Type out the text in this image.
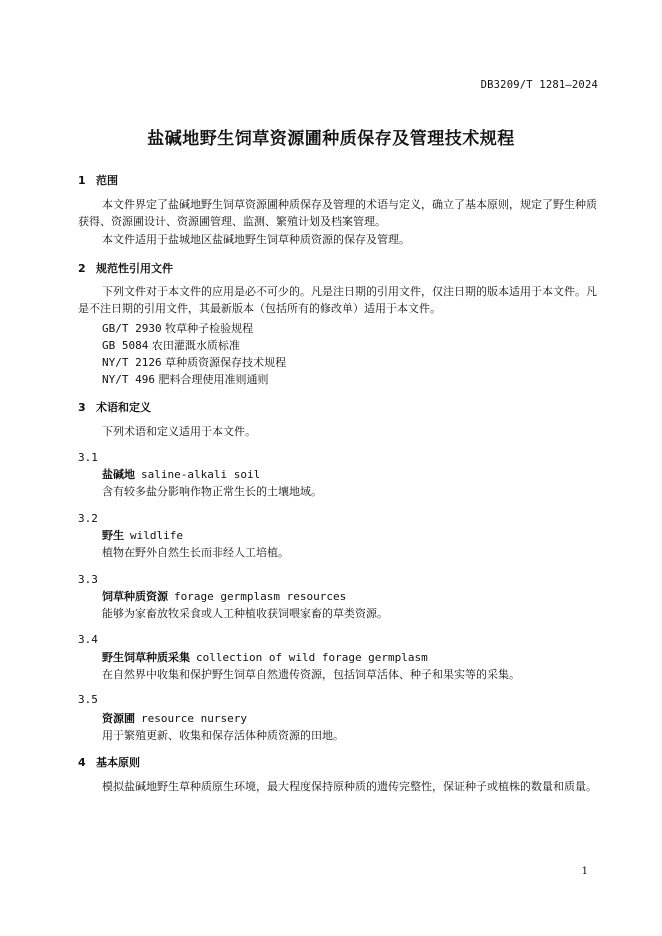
DB3209/T 1281—2024
盐碱地野生饲草资源圃种质保存及管理技术规程
1 范围
本文件界定了盐碱地野生饲草资源圃种质保存及管理的术语与定义，确立了基本原则，规定了野生种质获得、资源圃设计、资源圃管理、监测、繁殖计划及档案管理。
本文件适用于盐城地区盐碱地野生饲草种质资源的保存及管理。
2 规范性引用文件
下列文件对于本文件的应用是必不可少的。凡是注日期的引用文件，仅注日期的版本适用于本文件。凡是不注日期的引用文件，其最新版本（包括所有的修改单）适用于本文件。
GB/T 2930 牧草种子检验规程
GB 5084 农田灌溉水质标准
NY/T 2126 草种质资源保存技术规程
NY/T 496 肥料合理使用准则通则
3 术语和定义
下列术语和定义适用于本文件。
3.1
盐碱地 saline-alkali soil
含有较多盐分影响作物正常生长的土壤地域。
3.2
野生 wildlife
植物在野外自然生长而非经人工培植。
3.3
饲草种质资源 forage germplasm resources
能够为家畜放牧采食或人工种植收获饲喂家畜的草类资源。
3.4
野生饲草种质采集 collection of wild forage germplasm
在自然界中收集和保护野生饲草自然遗传资源，包括饲草活体、种子和果实等的采集。
3.5
资源圃 resource nursery
用于繁殖更新、收集和保存活体种质资源的田地。
4 基本原则
模拟盐碱地野生草种质原生环境，最大程度保持原种质的遗传完整性，保证种子或植株的数量和质量。
1
